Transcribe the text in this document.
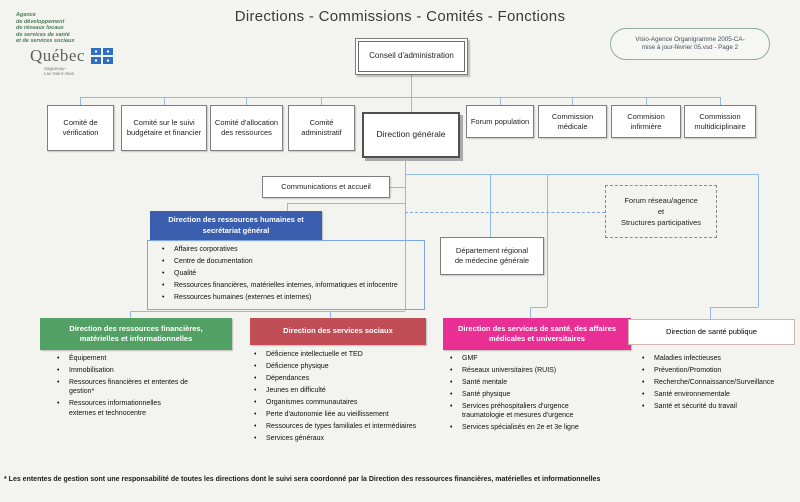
Agence
de développement
de réseaux locaux
de services de santé
et de services sociaux
Québec
Saguenay–
Lac-Saint-Jean
Directions - Commissions - Comités - Fonctions
Visio-Agence Organigramme 2005-CA-
mise à jour-février 05.vsd - Page 2
Conseil d'administration
Comité de vérification
Comité sur le suivi budgétaire et financier
Comité d'allocation des ressources
Comité administratif	Direction générale
Forum population
Commission médicale
Commision infirmière
Commission multidiciplinaire
Communications et accueil
Direction des ressources humaines et secrétariat général
• Affaires corporatives
• Centre de documentation
• Qualité
• Ressources financières, matérielles internes, informatiques et infocentre
• Ressources humaines (externes et internes)
Forum réseau/agence
et
Structures participatives
Département régional
de médecine générale
Direction des ressources financières, matérielles et informationnelles
• Équipement
• Immobilisation
• Ressources financières et ententes de gestion*
• Ressources informationnelles externes et technocentre
Direction des services sociaux
• Déficience intellectuelle et TED
• Déficience physique
• Dépendances
• Jeunes en difficulté
• Organismes communautaires
• Perte d'autonomie liée au vieillissement
• Ressources de types familiales et intermédiaires
• Services généraux
Direction des services de santé, des affaires médicales et universitaires
• GMF
• Réseaux universitaires (RUIS)
• Santé mentale
• Santé physique
• Services préhospitaliers d'urgence traumatologie et mesures d'urgence
• Services spécialisés en 2e et 3e ligne
Direction de santé publique
• Maladies infectieuses
• Prévention/Promotion
• Recherche/Connaissance/Surveillance
• Santé environnementale
• Santé et sécurité du travail
* Les ententes de gestion sont une responsabilité de toutes les directions dont le suivi sera coordonné par la Direction des ressources financières, matérielles et informationnelles
